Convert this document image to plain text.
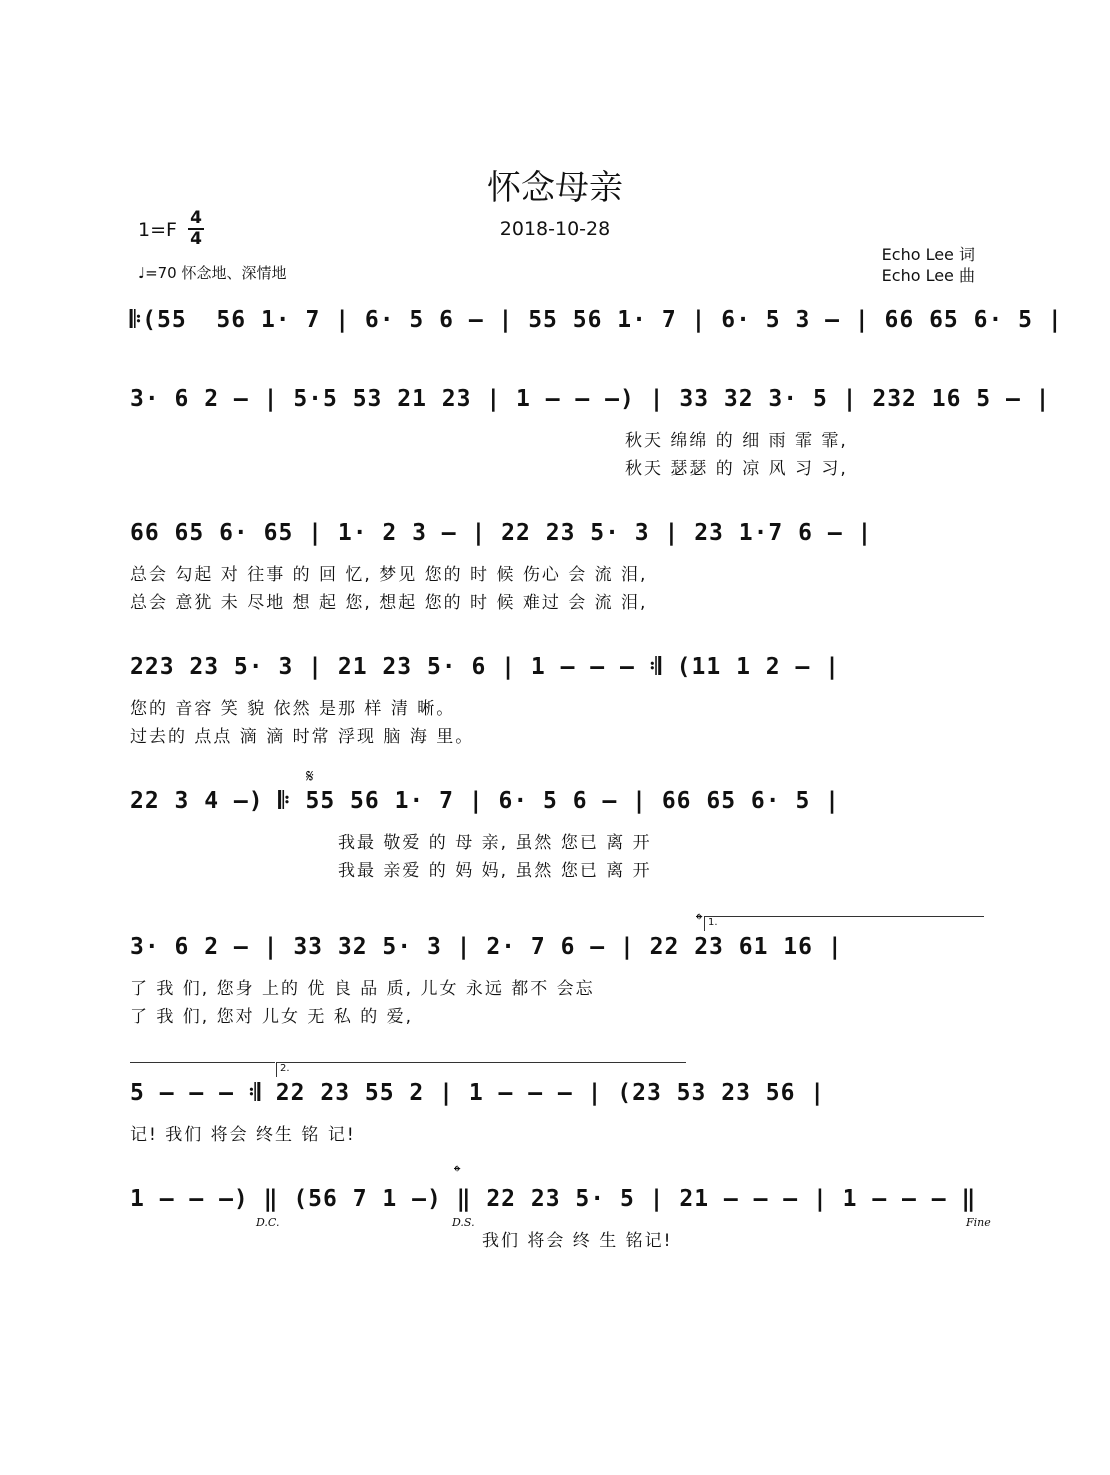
怀念母亲
2018-10-28
1=F
4
4
♩=70 怀念地、深情地
Echo Lee 词
Echo Lee 曲
𝄆(55  56 1· 7 | 6· 5 6 – | 55 56 1· 7 | 6· 5 3 – | 66 65 6· 5 |
3· 6 2 – | 5·5 53 21 23 | 1 – – –) | 33 32 3· 5 | 232 16 5 – |
秋天 绵绵 的 细 雨 霏 霏,
秋天 瑟瑟 的 凉 风 习 习,
66 65 6· 65 | 1· 2 3 – | 22 23 5· 3 | 23 1·7 6 – |
总会 勾起 对 往事 的 回 忆, 梦见 您的 时 候 伤心 会 流 泪,
总会 意犹 未 尽地 想 起 您, 想起 您的 时 候 难过 会 流 泪,
223 23 5· 3 | 21 23 5· 6 | 1 – – – 𝄇 (11 1 2 – |
您的 音容 笑 貌 依然 是那 样 清 晰。
过去的 点点 滴 滴 时常 浮现 脑 海 里。
𝄋
22 3 4 –) 𝄆 55 56 1· 7 | 6· 5 6 – | 66 65 6· 5 |
我最 敬爱 的 母 亲, 虽然 您已 离 开
我最 亲爱 的 妈 妈, 虽然 您已 离 开
𝄌 1.
3· 6 2 – | 33 32 5· 3 | 2· 7 6 – | 22 23 61 16 |
了 我 们, 您身 上的 优 良 品 质, 儿女 永远 都不 会忘
了 我 们, 您对 儿女 无 私 的 爱,
2.
5 – – – 𝄇 22 23 55 2 | 1 – – – | (23 53 23 56 |
记! 我们 将会 终生 铭 记!
𝄌
1 – – –) ‖ (56 7 1 –) ‖ 22 23 5· 5 | 21 – – – | 1 – – – ‖
D.C.	D.S.	Fine
我们 将会 终 生 铭记!
